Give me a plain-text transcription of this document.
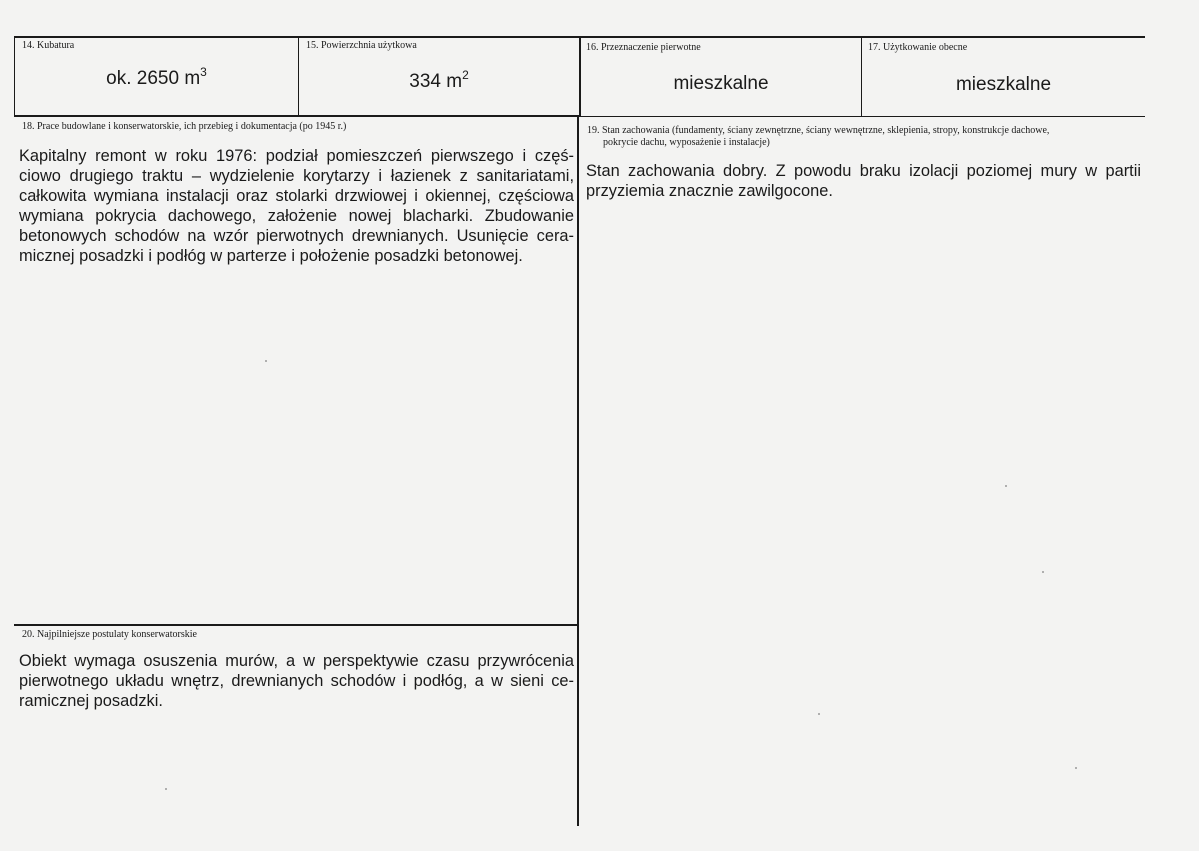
14. Kubatura
ok. 2650 $m^3$
15. Powierzchnia użytkowa
334 $m^2$
16. Przeznaczenie pierwotne
mieszkalne
17. Użytkowanie obecne
mieszkalne
18. Prace budowlane i konserwatorskie, ich przebieg i dokumentacja (po 1945 r.)
Kapitalny remont w roku 1976: podział pomieszczeń pierwszego i częś-
ciowo drugiego traktu – wydzielenie korytarzy i łazienek z sanitariatami,
całkowita wymiana instalacji oraz stolarki drzwiowej i okiennej, częściowa
wymiana pokrycia dachowego, założenie nowej blacharki. Zbudowanie
betonowych schodów na wzór pierwotnych drewnianych. Usunięcie cera-
micznej posadzki i podłóg w parterze i położenie posadzki betonowej.
19. Stan zachowania (fundamenty, ściany zewnętrzne, ściany wewnętrzne, sklepienia, stropy, konstrukcje dachowe,
pokrycie dachu, wyposażenie i instalacje)
Stan zachowania dobry. Z powodu braku izolacji poziomej mury w partii
przyziemia znacznie zawilgocone.
20. Najpilniejsze postulaty konserwatorskie
Obiekt wymaga osuszenia murów, a w perspektywie czasu przywrócenia
pierwotnego układu wnętrz, drewnianych schodów i podłóg, a w sieni ce-
ramicznej posadzki.
